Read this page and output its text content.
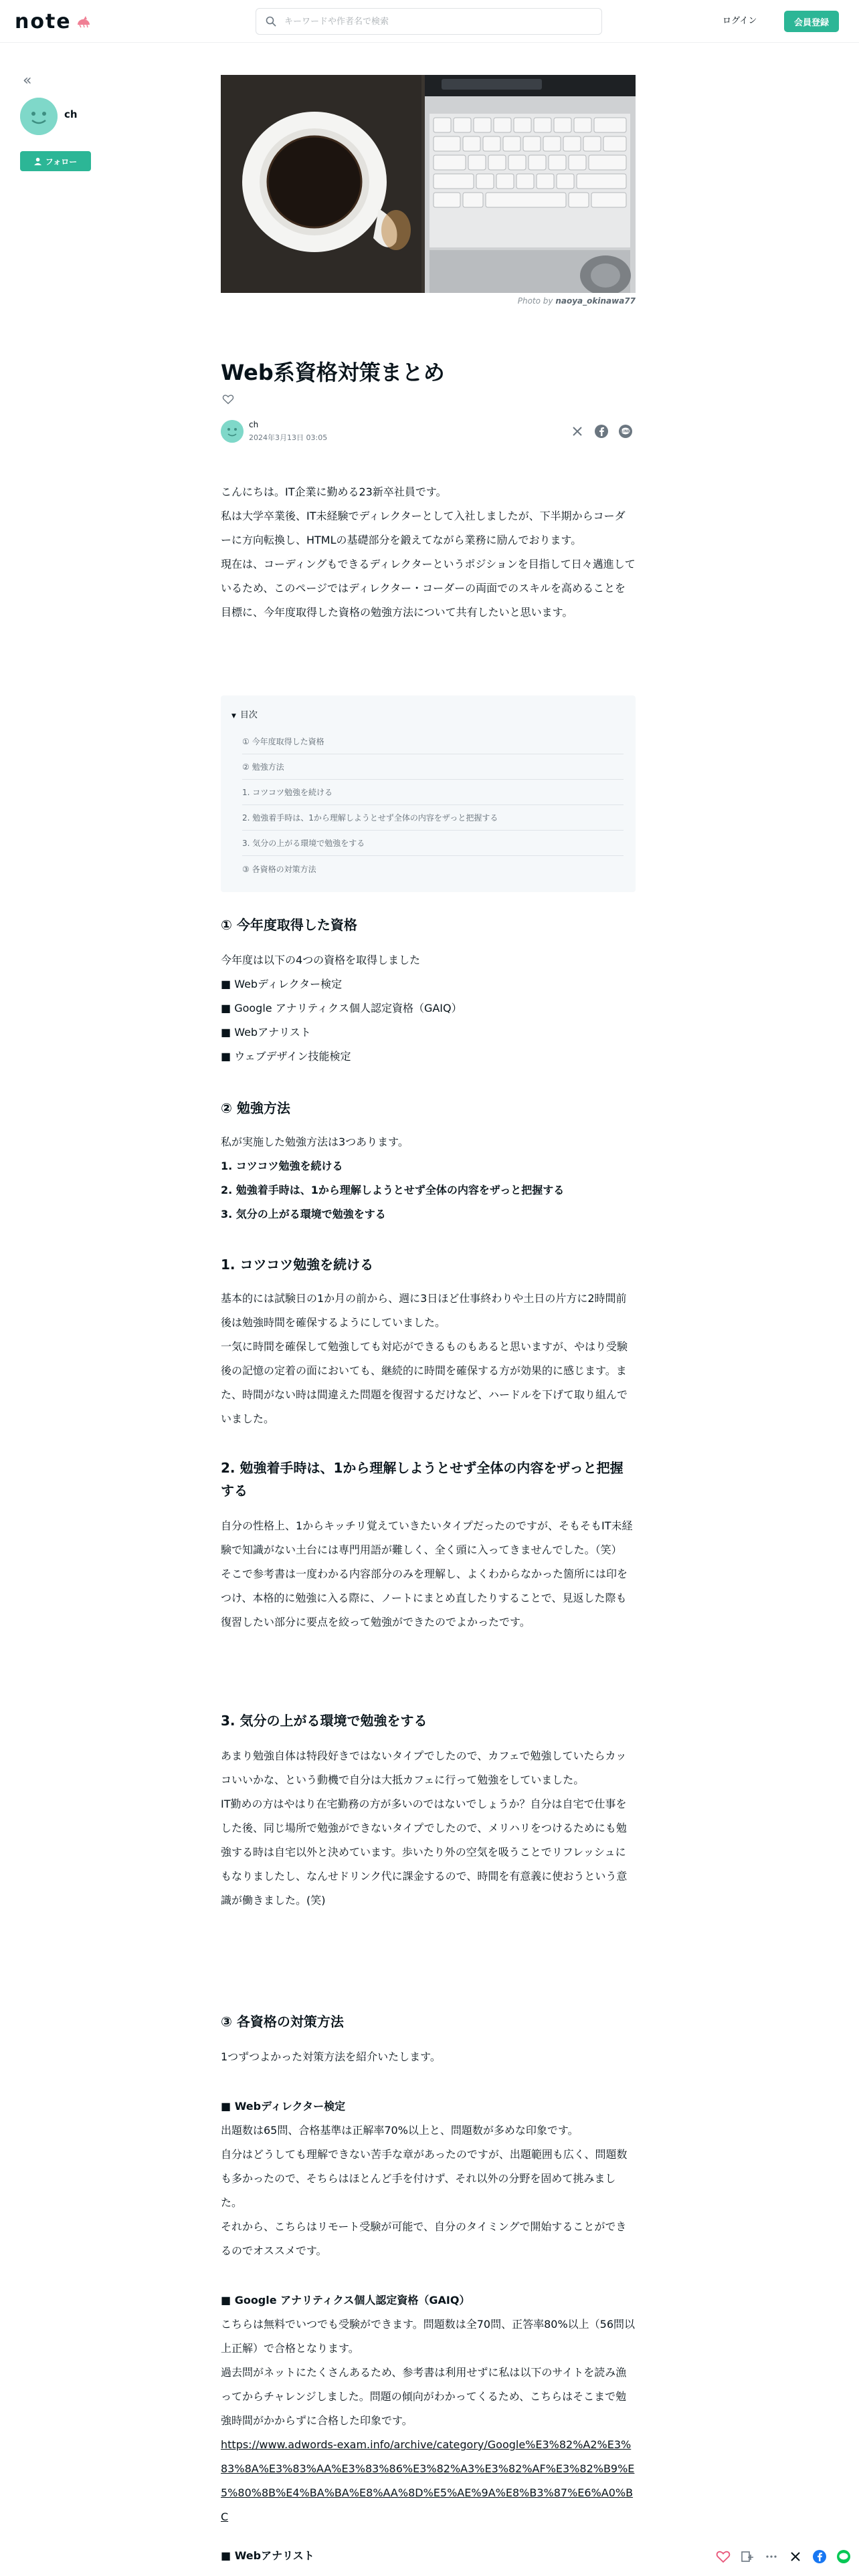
note
キーワードや作者名で検索	ログイン	会員登録
«
ch
フォロー
Photo by naoya_okinawa77
Web系資格対策まとめ
ch
2024年3月13日 03:05
LINE

こんにちは。IT企業に勤める23新卒社員です。

私は大学卒業後、IT未経験でディレクターとして入社しましたが、下半期からコーダーに方向転換し、HTMLの基礎部分を鍛えてながら業務に励んでおります。

現在は、コーディングもできるディレクターというポジションを目指して日々邁進しているため、このページではディレクター・コーダーの両面でのスキルを高めることを目標に、今年度取得した資格の勉強方法について共有したいと思います。

▼ 目次
① 今年度取得した資格
② 勉強方法
1. コツコツ勉強を続ける
2. 勉強着手時は、1から理解しようとせず全体の内容をザっと把握する
3. 気分の上がる環境で勉強をする
③ 各資格の対策方法
① 今年度取得した資格

今年度は以下の4つの資格を取得しました

■ Webディレクター検定

■ Google アナリティクス個人認定資格（GAIQ）

■ Webアナリスト

■ ウェブデザイン技能検定

② 勉強方法

私が実施した勉強方法は3つあります。

1. コツコツ勉強を続ける

2. 勉強着手時は、1から理解しようとせず全体の内容をザっと把握する

3. 気分の上がる環境で勉強をする

1. コツコツ勉強を続ける

基本的には試験日の1か月の前から、週に3日ほど仕事終わりや土日の片方に2時間前後は勉強時間を確保するようにしていました。

一気に時間を確保して勉強しても対応ができるものもあると思いますが、やはり受験後の記憶の定着の面においても、継続的に時間を確保する方が効果的に感じます。また、時間がない時は間違えた問題を復習するだけなど、ハードルを下げて取り組んでいました。

2. 勉強着手時は、1から理解しようとせず全体の内容をザっと把握する

自分の性格上、1からキッチリ覚えていきたいタイプだったのですが、そもそもIT未経験で知識がない土台には専門用語が難しく、全く頭に入ってきませんでした。（笑）

そこで参考書は一度わかる内容部分のみを理解し、よくわからなかった箇所には印をつけ、本格的に勉強に入る際に、ノートにまとめ直したりすることで、見返した際も復習したい部分に要点を絞って勉強ができたのでよかったです。

3. 気分の上がる環境で勉強をする

あまり勉強自体は特段好きではないタイプでしたので、カフェで勉強していたらカッコいいかな、という動機で自分は大抵カフェに行って勉強をしていました。

IT勤めの方はやはり在宅勤務の方が多いのではないでしょうか？自分は自宅で仕事をした後、同じ場所で勉強ができないタイプでしたので、メリハリをつけるためにも勉強する時は自宅以外と決めています。歩いたり外の空気を吸うことでリフレッシュにもなりましたし、なんせドリンク代に課金するので、時間を有意義に使おうという意識が働きました。(笑)

③ 各資格の対策方法
1つずつよかった対策方法を紹介いたします。
■ Webディレクター検定

出題数は65問、合格基準は正解率70%以上と、問題数が多めな印象です。

自分はどうしても理解できない苦手な章があったのですが、出題範囲も広く、問題数も多かったので、そちらはほとんど手を付けず、それ以外の分野を固めて挑みました。

それから、こちらはリモート受験が可能で、自分のタイミングで開始することができるのでオススメです。

■ Google アナリティクス個人認定資格（GAIQ）

こちらは無料でいつでも受験ができます。問題数は全70問、正答率80%以上（56問以上正解）で合格となります。

過去問がネットにたくさんあるため、参考書は利用せずに私は以下のサイトを読み漁ってからチャレンジしました。問題の傾向がわかってくるため、こちらはそこまで勉強時間がかからずに合格した印象です。

https://www.adwords-exam.info/archive/category/Google%E3%82%A2%E3%83%8A%E3%83%AA%E3%83%86%E3%82%A3%E3%82%AF%E3%82%B9%E5%80%8B%E4%BA%BA%E8%AA%8D%E5%AE%9A%E8%B3%87%E6%A0%BC

■ Webアナリスト
